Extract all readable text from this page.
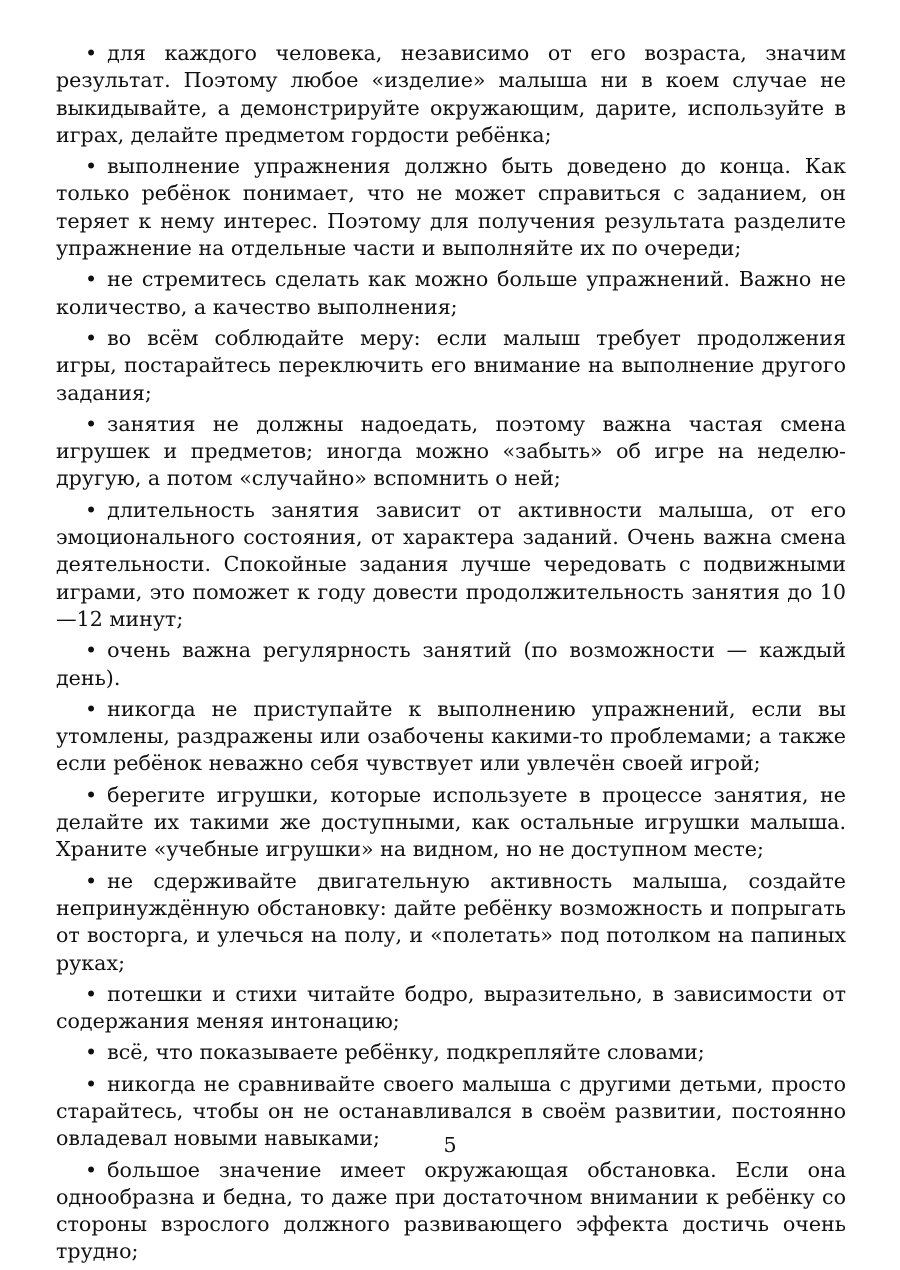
• для каждого человека, независимо от его возраста, значим результат. Поэтому любое «изделие» малыша ни в коем случае не выкидывайте, а демонстрируйте окружающим, дарите, используйте в играх, делайте предметом гордости ребёнка;

• выполнение упражнения должно быть доведено до конца. Как только ребёнок понимает, что не может справиться с заданием, он теряет к нему интерес. Поэтому для получения результата разделите упражнение на отдельные части и выполняйте их по очереди;

• не стремитесь сделать как можно больше упражнений. Важно не количество, а качество выполнения;

• во всём соблюдайте меру: если малыш требует продолжения игры, постарайтесь переключить его внимание на выполнение другого задания;

• занятия не должны надоедать, поэтому важна частая смена игрушек и предметов; иногда можно «забыть» об игре на неделю-другую, а потом «случайно» вспомнить о ней;

• длительность занятия зависит от активности малыша, от его эмоционального состояния, от характера заданий. Очень важна смена деятельности. Спокойные задания лучше чередовать с подвижными играми, это поможет к году довести продолжительность занятия до 10—12 минут;

• очень важна регулярность занятий (по возможности — каждый день).

• никогда не приступайте к выполнению упражнений, если вы утомлены, раздражены или озабочены какими-то проблемами; а также если ребёнок неважно себя чувствует или увлечён своей игрой;

• берегите игрушки, которые используете в процессе занятия, не делайте их такими же доступными, как остальные игрушки малыша. Храните «учебные игрушки» на видном, но не доступном месте;

• не сдерживайте двигательную активность малыша, создайте непринуждённую обстановку: дайте ребёнку возможность и попрыгать от восторга, и улечься на полу, и «полетать» под потолком на папиных руках;

• потешки и стихи читайте бодро, выразительно, в зависимости от содержания меняя интонацию;

• всё, что показываете ребёнку, подкрепляйте словами;

• никогда не сравнивайте своего малыша с другими детьми, просто старайтесь, чтобы он не останавливался в своём развитии, постоянно овладевал новыми навыками;

• большое значение имеет окружающая обстановка. Если она однообразна и бедна, то даже при достаточном внимании к ребёнку со стороны взрослого должного развивающего эффекта достичь очень трудно;

5
